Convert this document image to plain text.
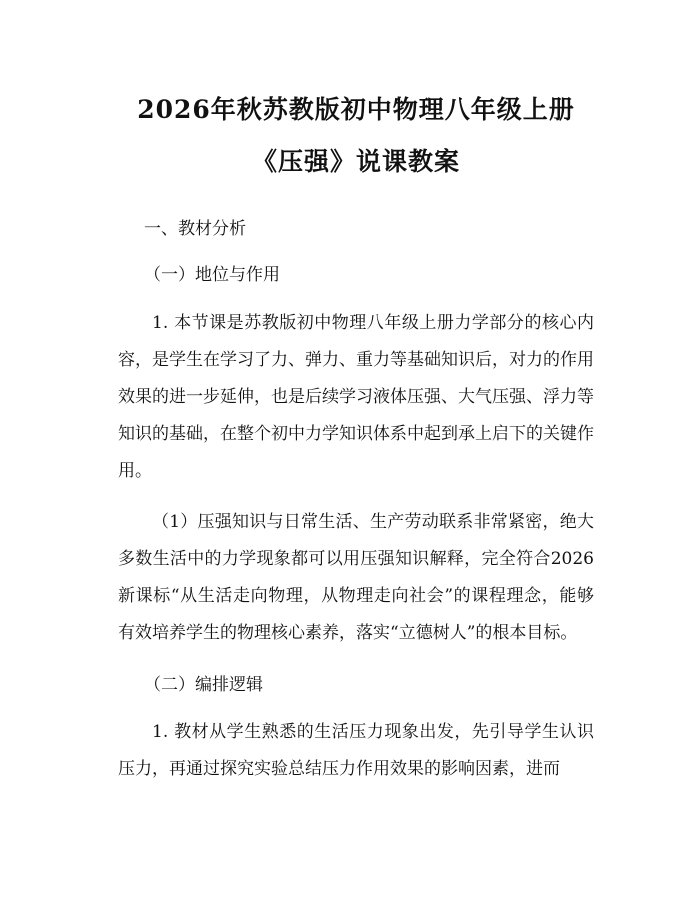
2026年秋苏教版初中物理八年级上册《压强》说课教案

一、教材分析

（一）地位与作用

1. 本节课是苏教版初中物理八年级上册力学部分的核心内容，是学生在学习了力、弹力、重力等基础知识后，对力的作用效果的进一步延伸，也是后续学习液体压强、大气压强、浮力等知识的基础，在整个初中力学知识体系中起到承上启下的关键作用。

（1）压强知识与日常生活、生产劳动联系非常紧密，绝大多数生活中的力学现象都可以用压强知识解释，完全符合2026新课标“从生活走向物理，从物理走向社会”的课程理念，能够有效培养学生的物理核心素养，落实“立德树人”的根本目标。

（二）编排逻辑

1. 教材从学生熟悉的生活压力现象出发，先引导学生认识压力，再通过探究实验总结压力作用效果的影响因素，进而
